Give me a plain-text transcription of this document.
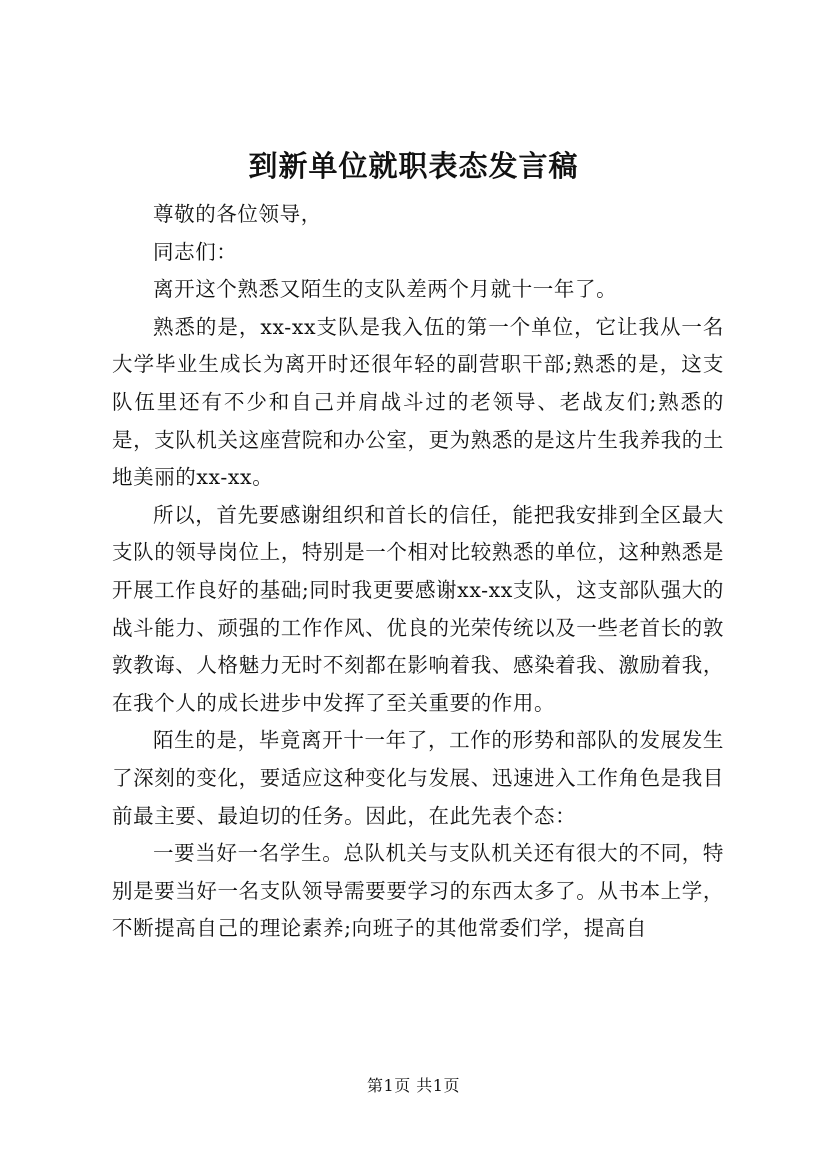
到新单位就职表态发言稿

尊敬的各位领导，

同志们：

离开这个熟悉又陌生的支队差两个月就十一年了。

熟悉的是，xx-xx支队是我入伍的第一个单位，它让我从一名大学毕业生成长为离开时还很年轻的副营职干部;熟悉的是，这支队伍里还有不少和自己并肩战斗过的老领导、老战友们;熟悉的是，支队机关这座营院和办公室，更为熟悉的是这片生我养我的土地美丽的xx-xx。

所以，首先要感谢组织和首长的信任，能把我安排到全区最大支队的领导岗位上，特别是一个相对比较熟悉的单位，这种熟悉是开展工作良好的基础;同时我更要感谢xx-xx支队，这支部队强大的战斗能力、顽强的工作作风、优良的光荣传统以及一些老首长的敦敦教诲、人格魅力无时不刻都在影响着我、感染着我、激励着我，在我个人的成长进步中发挥了至关重要的作用。

陌生的是，毕竟离开十一年了，工作的形势和部队的发展发生了深刻的变化，要适应这种变化与发展、迅速进入工作角色是我目前最主要、最迫切的任务。因此，在此先表个态：

一要当好一名学生。总队机关与支队机关还有很大的不同，特别是要当好一名支队领导需要要学习的东西太多了。从书本上学，不断提高自己的理论素养;向班子的其他常委们学，提高自

第1页 共1页
